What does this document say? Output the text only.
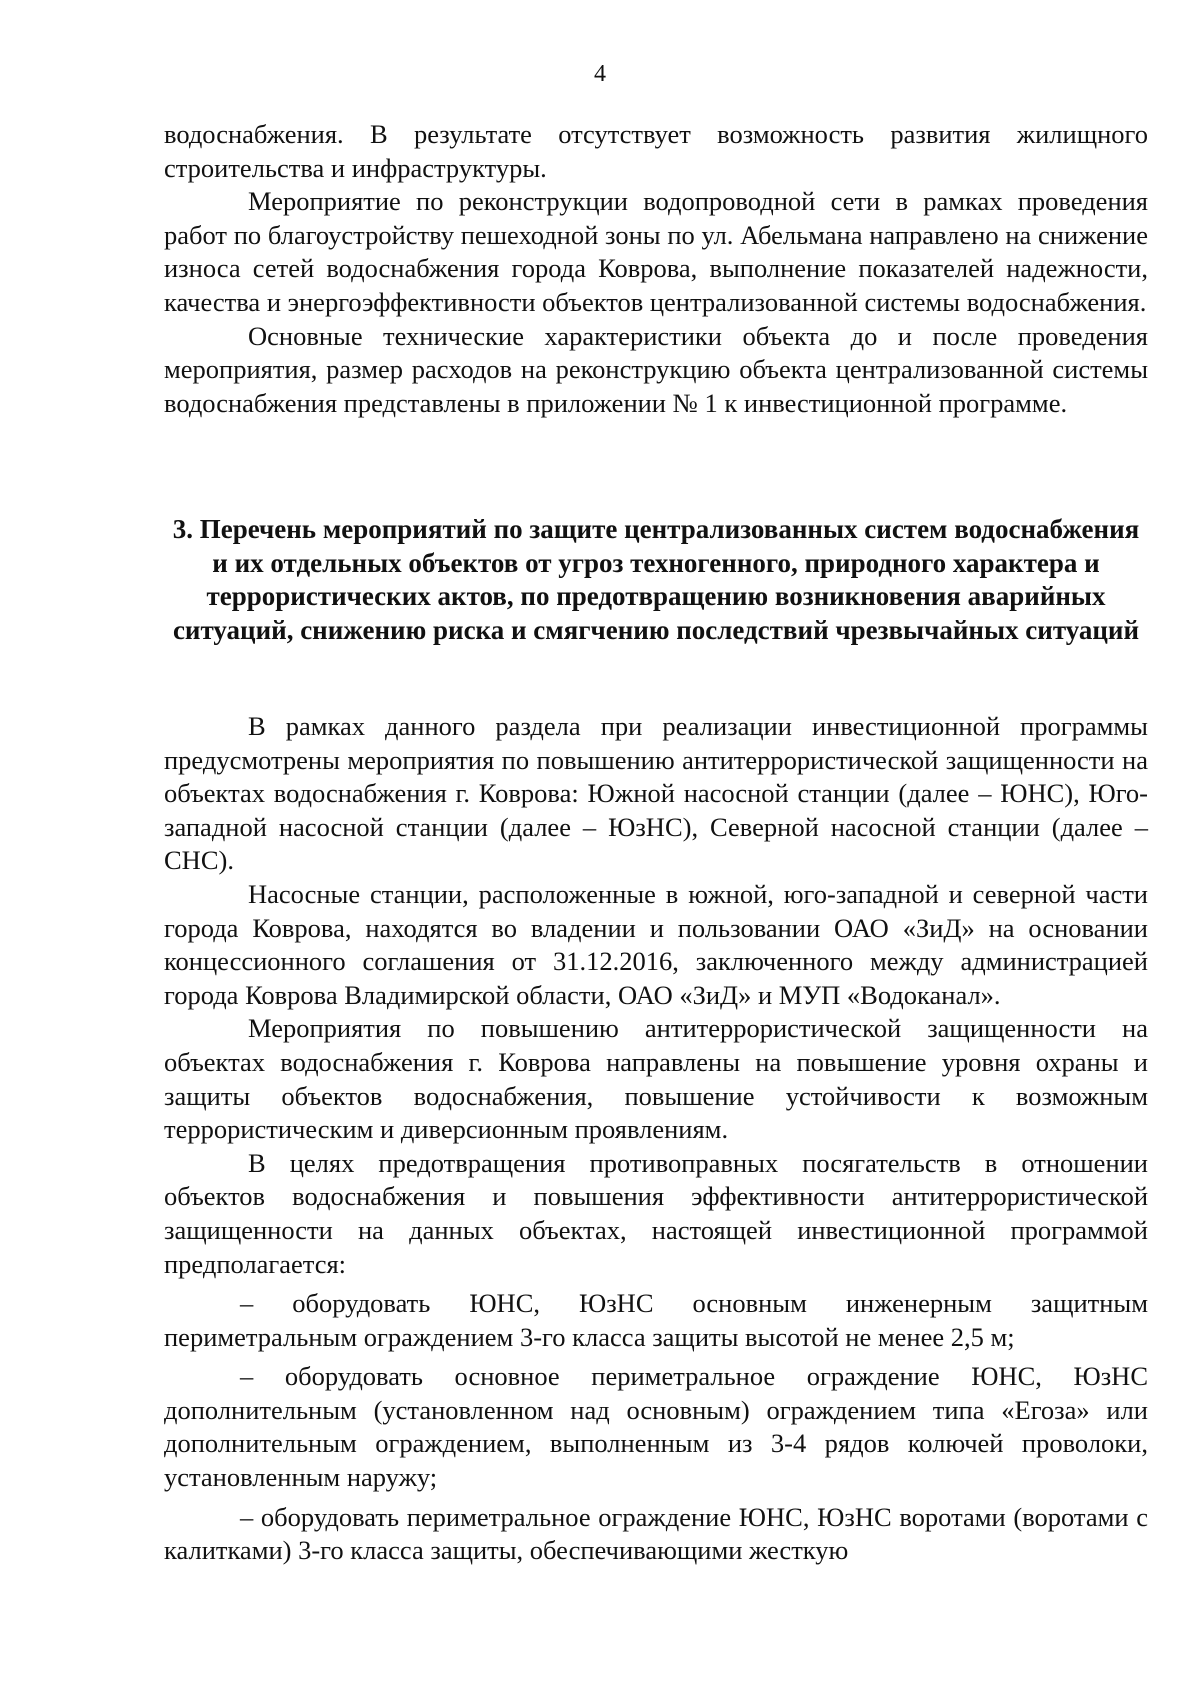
4

водоснабжения. В результате отсутствует возможность развития жилищного строительства и инфраструктуры.

Мероприятие по реконструкции водопроводной сети в рамках проведения работ по благоустройству пешеходной зоны по ул. Абельмана направлено на снижение износа сетей водоснабжения города Коврова, выполнение показателей надежности, качества и энергоэффективности объектов централизованной системы водоснабжения.

Основные технические характеристики объекта до и после проведения мероприятия, размер расходов на реконструкцию объекта централизованной системы водоснабжения представлены в приложении № 1 к инвестиционной программе.

3. Перечень мероприятий по защите централизованных систем водоснабжения и их отдельных объектов от угроз техногенного, природного характера и террористических актов, по предотвращению возникновения аварийных ситуаций, снижению риска и смягчению последствий чрезвычайных ситуаций

В рамках данного раздела при реализации инвестиционной программы предусмотрены мероприятия по повышению антитеррористической защищенности на объектах водоснабжения г. Коврова: Южной насосной станции (далее – ЮНС), Юго-западной насосной станции (далее – ЮзНС), Северной насосной станции (далее – СНС).

Насосные станции, расположенные в южной, юго-западной и северной части города Коврова, находятся во владении и пользовании ОАО «ЗиД» на основании концессионного соглашения от 31.12.2016, заключенного между администрацией города Коврова Владимирской области, ОАО «ЗиД» и МУП «Водоканал».

Мероприятия по повышению антитеррористической защищенности на объектах водоснабжения г. Коврова направлены на повышение уровня охраны и защиты объектов водоснабжения, повышение устойчивости к возможным террористическим и диверсионным проявлениям.

В целях предотвращения противоправных посягательств в отношении объектов водоснабжения и повышения эффективности антитеррористической защищенности на данных объектах, настоящей инвестиционной программой предполагается:

– оборудовать ЮНС, ЮзНС основным инженерным защитным периметральным ограждением 3-го класса защиты высотой не менее 2,5 м;

– оборудовать основное периметральное ограждение ЮНС, ЮзНС дополнительным (установленном над основным) ограждением типа «Егоза» или дополнительным ограждением, выполненным из 3-4 рядов колючей проволоки, установленным наружу;

– оборудовать периметральное ограждение ЮНС, ЮзНС воротами (воротами с калитками) 3-го класса защиты, обеспечивающими жесткую
